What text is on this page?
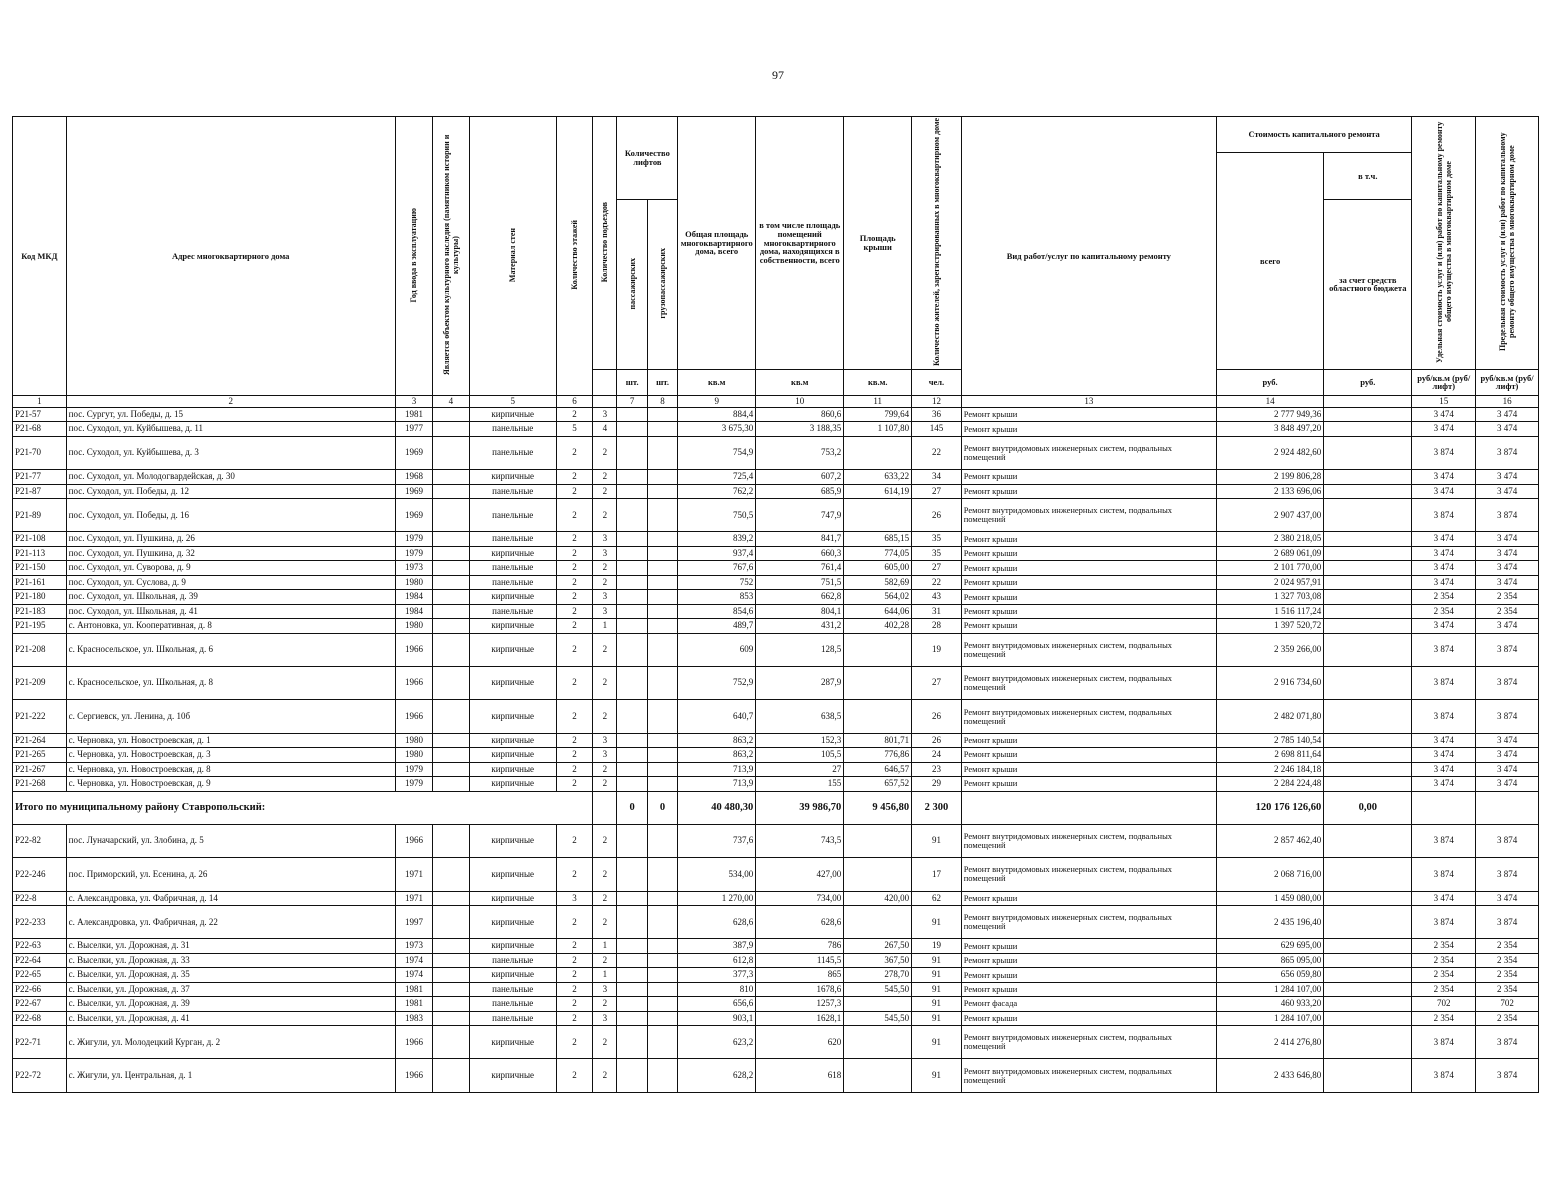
97
Код МКД	Адрес многоквартирного дома	Год ввода в эксплуатацию	Является объектом культурного наследия (памятником истории и культуры)	Материал стен	Количество этажей	Количество подъездов	Количество лифтов		Общая площадь многоквартирного дома, всего	в том числе площадь помещений многоквартирного дома, находящихся в собственности, всего	Площадь крыши	Количество жителей, зарегистрированных в многоквартирном доме	Вид работ/услуг по капитальному ремонту	Стоимость капитального ремонта		Удельная стоимость услуг и (или) работ по капитальному ремонту общего имущества в многоквартирном доме	Предельная стоимость услуг и (или) работ по капитальному ремонту общего имущества в многоквартирном доме
														всего	в т.ч.		
							пассажирских	грузопассажирских							за счет средств областного бюджета		
							шт.	шт.	кв.м	кв.м	кв.м.	чел.		руб.	руб.	руб/кв.м (руб/лифт)	руб/кв.м (руб/лифт)
1	2	3	4	5	6		7	8	9	10	11	12	13	14		15	16
Р21-57	пос. Сургут, ул. Победы, д. 15	1981		кирпичные	2	3			884,4	860,6	799,64	36	Ремонт крыши	2 777 949,36		3 474	3 474
Р21-68	пос. Суходол, ул. Куйбышева, д. 11	1977		панельные	5	4			3 675,30	3 188,35	1 107,80	145	Ремонт крыши	3 848 497,20		3 474	3 474
Р21-70	пос. Суходол, ул. Куйбышева, д. 3	1969		панельные	2	2			754,9	753,2		22	Ремонт внутридомовых инженерных систем, подвальных помещений	2 924 482,60		3 874	3 874
Р21-77	пос. Суходол, ул. Молодогвардейская, д. 30	1968		кирпичные	2	2			725,4	607,2	633,22	34	Ремонт крыши	2 199 806,28		3 474	3 474
Р21-87	пос. Суходол, ул. Победы, д. 12	1969		панельные	2	2			762,2	685,9	614,19	27	Ремонт крыши	2 133 696,06		3 474	3 474
Р21-89	пос. Суходол, ул. Победы, д. 16	1969		панельные	2	2			750,5	747,9		26	Ремонт внутридомовых инженерных систем, подвальных помещений	2 907 437,00		3 874	3 874
Р21-108	пос. Суходол, ул. Пушкина, д. 26	1979		панельные	2	3			839,2	841,7	685,15	35	Ремонт крыши	2 380 218,05		3 474	3 474
Р21-113	пос. Суходол, ул. Пушкина, д. 32	1979		кирпичные	2	3			937,4	660,3	774,05	35	Ремонт крыши	2 689 061,09		3 474	3 474
Р21-150	пос. Суходол, ул. Суворова, д. 9	1973		панельные	2	2			767,6	761,4	605,00	27	Ремонт крыши	2 101 770,00		3 474	3 474
Р21-161	пос. Суходол, ул. Суслова, д. 9	1980		панельные	2	2			752	751,5	582,69	22	Ремонт крыши	2 024 957,91		3 474	3 474
Р21-180	пос. Суходол, ул. Школьная, д. 39	1984		кирпичные	2	3			853	662,8	564,02	43	Ремонт крыши	1 327 703,08		2 354	2 354
Р21-183	пос. Суходол, ул. Школьная, д. 41	1984		панельные	2	3			854,6	804,1	644,06	31	Ремонт крыши	1 516 117,24		2 354	2 354
Р21-195	с. Антоновка, ул. Кооперативная, д. 8	1980		кирпичные	2	1			489,7	431,2	402,28	28	Ремонт крыши	1 397 520,72		3 474	3 474
Р21-208	с. Красносельское, ул. Школьная, д. 6	1966		кирпичные	2	2			609	128,5		19	Ремонт внутридомовых инженерных систем, подвальных помещений	2 359 266,00		3 874	3 874
Р21-209	с. Красносельское, ул. Школьная, д. 8	1966		кирпичные	2	2			752,9	287,9		27	Ремонт внутридомовых инженерных систем, подвальных помещений	2 916 734,60		3 874	3 874
Р21-222	с. Сергиевск, ул. Ленина, д. 10б	1966		кирпичные	2	2			640,7	638,5		26	Ремонт внутридомовых инженерных систем, подвальных помещений	2 482 071,80		3 874	3 874
Р21-264	с. Черновка, ул. Новостроевская, д. 1	1980		кирпичные	2	3			863,2	152,3	801,71	26	Ремонт крыши	2 785 140,54		3 474	3 474
Р21-265	с. Черновка, ул. Новостроевская, д. 3	1980		кирпичные	2	3			863,2	105,5	776,86	24	Ремонт крыши	2 698 811,64		3 474	3 474
Р21-267	с. Черновка, ул. Новостроевская, д. 8	1979		кирпичные	2	2			713,9	27	646,57	23	Ремонт крыши	2 246 184,18		3 474	3 474
Р21-268	с. Черновка, ул. Новостроевская, д. 9	1979		кирпичные	2	2			713,9	155	657,52	29	Ремонт крыши	2 284 224,48		3 474	3 474
Итого по муниципальному району Ставропольский:							0	0	40 480,30	39 986,70	9 456,80	2 300		120 176 126,60	0,00		
Р22-82	пос. Луначарский, ул. Злобина, д. 5	1966		кирпичные	2	2			737,6	743,5		91	Ремонт внутридомовых инженерных систем, подвальных помещений	2 857 462,40		3 874	3 874
Р22-246	пос. Приморский, ул. Есенина, д. 26	1971		кирпичные	2	2			534,00	427,00		17	Ремонт внутридомовых инженерных систем, подвальных помещений	2 068 716,00		3 874	3 874
Р22-8	с. Александровка, ул. Фабричная, д. 14	1971		кирпичные	3	2			1 270,00	734,00	420,00	62	Ремонт крыши	1 459 080,00		3 474	3 474
Р22-233	с. Александровка, ул. Фабричная, д. 22	1997		кирпичные	2	2			628,6	628,6		91	Ремонт внутридомовых инженерных систем, подвальных помещений	2 435 196,40		3 874	3 874
Р22-63	с. Выселки, ул. Дорожная, д. 31	1973		кирпичные	2	1			387,9	786	267,50	19	Ремонт крыши	629 695,00		2 354	2 354
Р22-64	с. Выселки, ул. Дорожная, д. 33	1974		панельные	2	2			612,8	1145,5	367,50	91	Ремонт крыши	865 095,00		2 354	2 354
Р22-65	с. Выселки, ул. Дорожная, д. 35	1974		кирпичные	2	1			377,3	865	278,70	91	Ремонт крыши	656 059,80		2 354	2 354
Р22-66	с. Выселки, ул. Дорожная, д. 37	1981		панельные	2	3			810	1678,6	545,50	91	Ремонт крыши	1 284 107,00		2 354	2 354
Р22-67	с. Выселки, ул. Дорожная, д. 39	1981		панельные	2	2			656,6	1257,3		91	Ремонт фасада	460 933,20		702	702
Р22-68	с. Выселки, ул. Дорожная, д. 41	1983		панельные	2	3			903,1	1628,1	545,50	91	Ремонт крыши	1 284 107,00		2 354	2 354
Р22-71	с. Жигули, ул. Молодецкий Курган, д. 2	1966		кирпичные	2	2			623,2	620		91	Ремонт внутридомовых инженерных систем, подвальных помещений	2 414 276,80		3 874	3 874
Р22-72	с. Жигули, ул. Центральная, д. 1	1966		кирпичные	2	2			628,2	618		91	Ремонт внутридомовых инженерных систем, подвальных помещений	2 433 646,80		3 874	3 874
